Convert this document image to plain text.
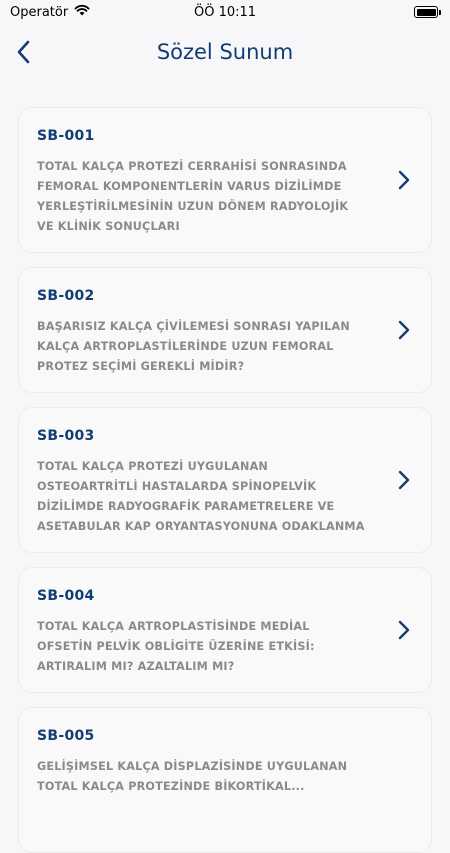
Operatör	ÖÖ 10:11
Sözel Sunum
SB-001
TOTAL KALÇA PROTEZİ CERRAHİSİ SONRASINDA FEMORAL KOMPONENTLERİN VARUS DİZİLİMDE YERLEŞTİRİLMESİNİN UZUN DÖNEM RADYOLOJİK VE KLİNİK SONUÇLARI
SB-002
BAŞARISIZ KALÇA ÇİVİLEMESİ SONRASI YAPILAN KALÇA ARTROPLASTİLERİNDE UZUN FEMORAL PROTEZ SEÇİMİ GEREKLİ MİDİR?
SB-003
TOTAL KALÇA PROTEZİ UYGULANAN OSTEOARTRİTLİ HASTALARDA SPİNOPELVİK DİZİLİMDE RADYOGRAFİK PARAMETRELERE VE ASETABULAR KAP ORYANTASYONUNA ODAKLANMA
SB-004
TOTAL KALÇA ARTROPLASTİSİNDE MEDİAL OFSETİN PELVİK OBLİGİTE ÜZERİNE ETKİSİ: ARTIRALIM MI? AZALTALIM MI?
SB-005
GELİŞİMSEL KALÇA DİSPLAZİSİNDE UYGULANAN TOTAL KALÇA PROTEZİNDE BİKORTİKAL...
